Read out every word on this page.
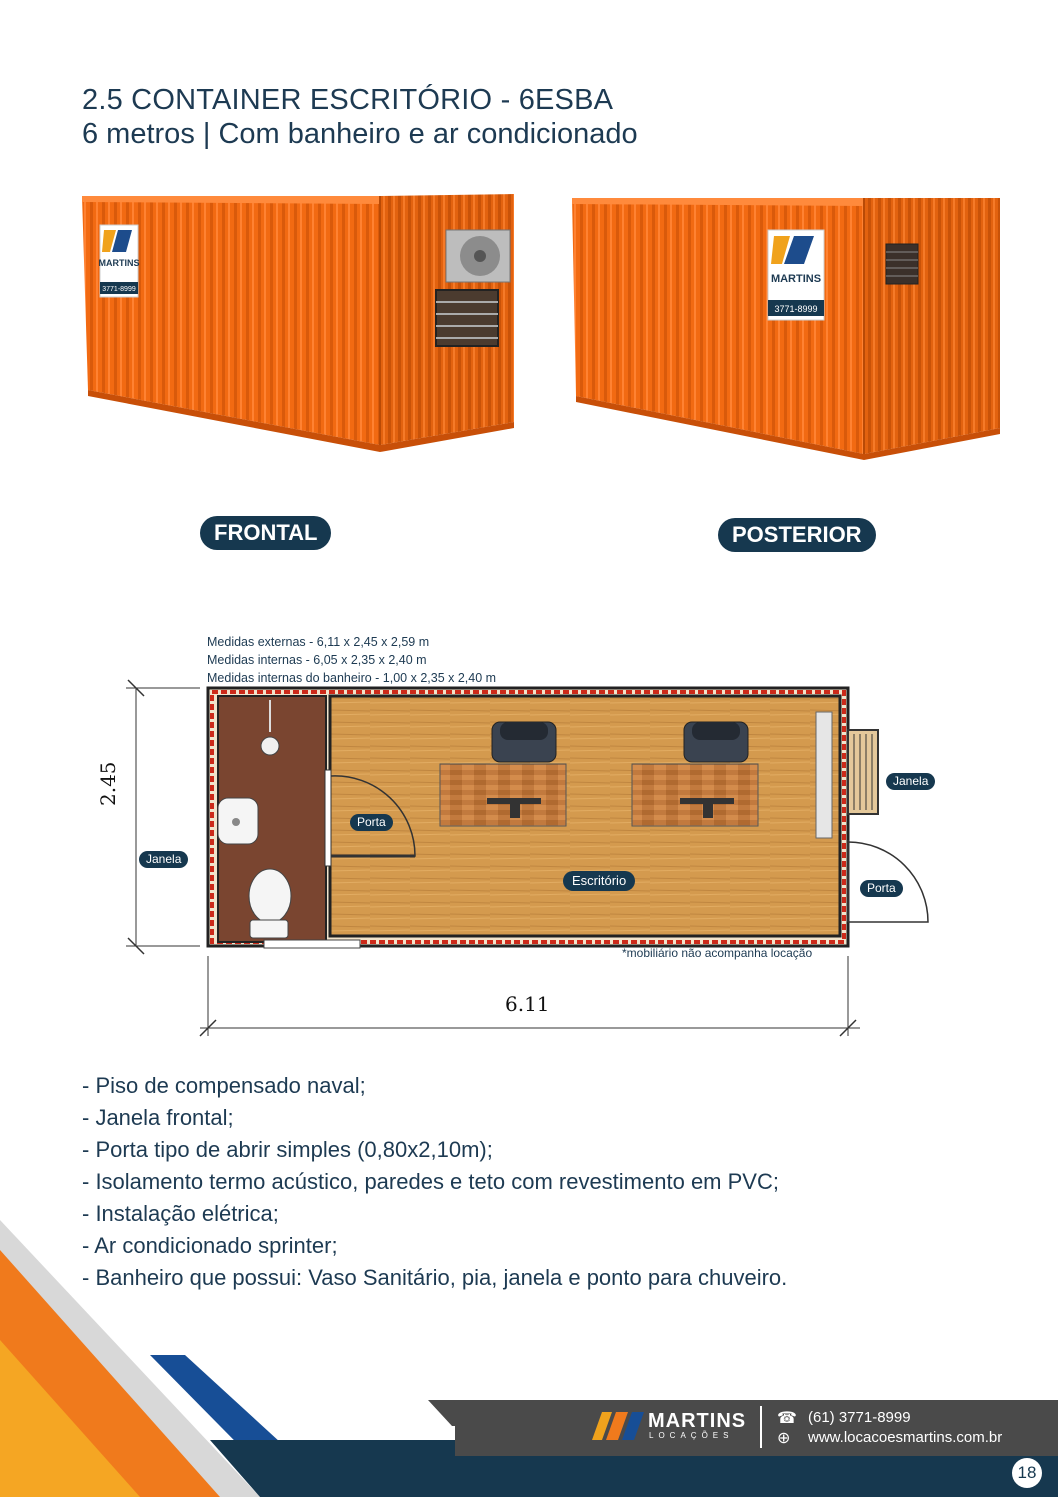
2.5 CONTAINER ESCRITÓRIO - 6ESBA
6 metros | Com banheiro e ar condicionado
MARTINS
3771-8999
MARTINS
3771-8999
FRONTAL	POSTERIOR
Medidas externas - 6,11 x 2,45 x 2,59 m
Medidas internas - 6,05 x 2,35 x 2,40 m
Medidas internas do banheiro - 1,00 x 2,35 x 2,40 m
2.45
6.11
Janela
Janela
Porta
Porta
Escritório
*mobiliário não acompanha locação
- Piso de compensado naval;
- Janela frontal;
- Porta tipo de abrir simples (0,80x2,10m);
- Isolamento termo acústico, paredes e teto com revestimento em PVC;
- Instalação elétrica;
- Ar condicionado sprinter;
- Banheiro que possui: Vaso Sanitário, pia, janela e ponto para chuveiro.
MARTINS
LOCAÇÕES
☎ (61) 3771-8999
⊕ www.locacoesmartins.com.br
18
